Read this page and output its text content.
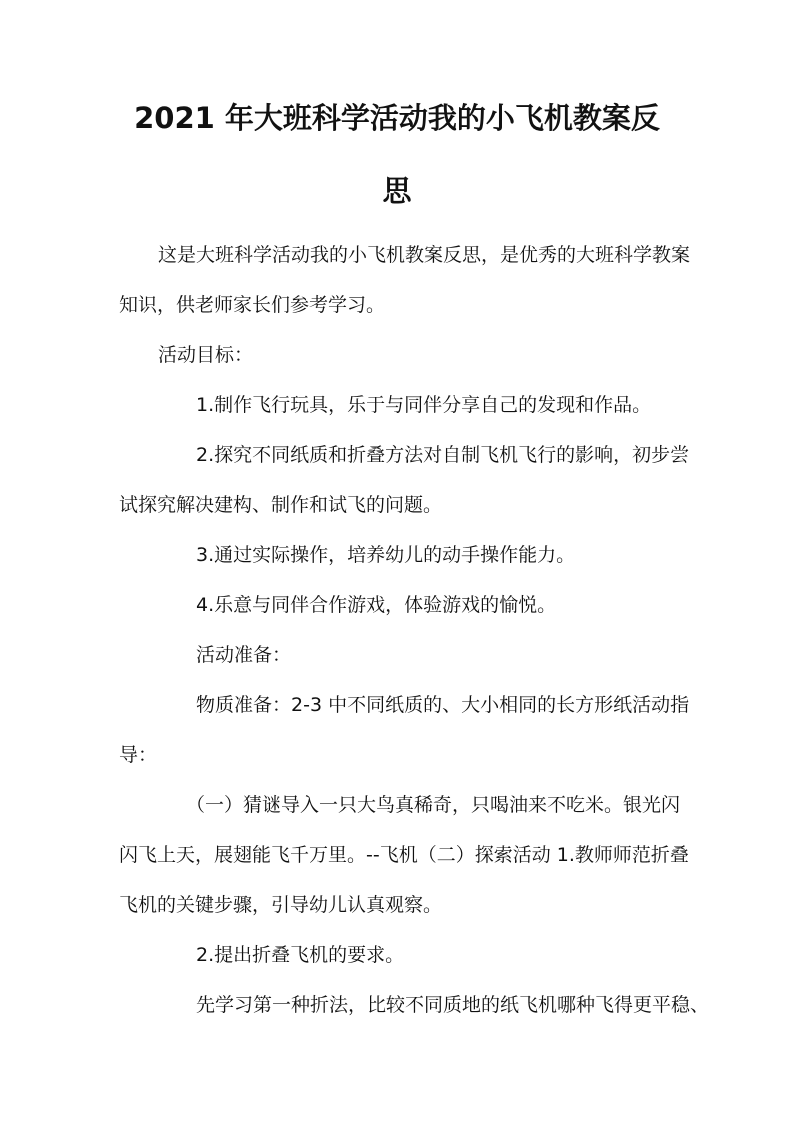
2021 年大班科学活动我的小飞机教案反
思

这是大班科学活动我的小飞机教案反思，是优秀的大班科学教案

知识，供老师家长们参考学习。

活动目标：

1.制作飞行玩具，乐于与同伴分享自己的发现和作品。

2.探究不同纸质和折叠方法对自制飞机飞行的影响，初步尝

试探究解决建构、制作和试飞的问题。

3.通过实际操作，培养幼儿的动手操作能力。

4.乐意与同伴合作游戏，体验游戏的愉悦。

活动准备：

物质准备：2-3 中不同纸质的、大小相同的长方形纸活动指

导：

（一）猜谜导入一只大鸟真稀奇，只喝油来不吃米。银光闪

闪飞上天，展翅能飞千万里。--飞机（二）探索活动 1.教师师范折叠

飞机的关键步骤，引导幼儿认真观察。

2.提出折叠飞机的要求。

先学习第一种折法，比较不同质地的纸飞机哪种飞得更平稳、
